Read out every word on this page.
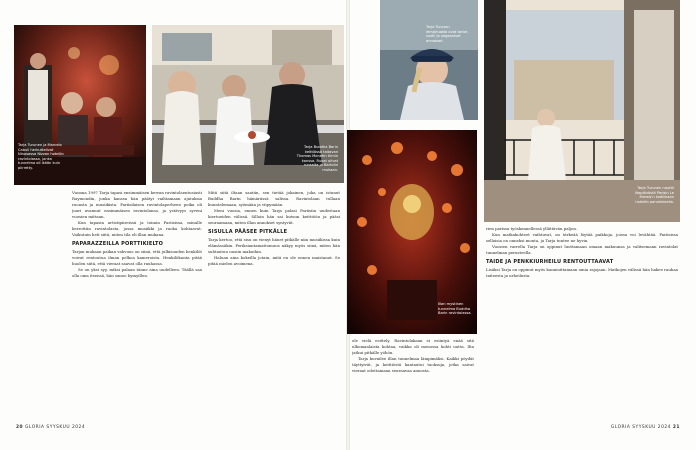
Tarja Turunen ja Marcelo Cabuli herkuttelivat Ninosassa Nizzan hotellin ravintolassa, jonka tunnelma oli ikään kuin piirretty.
Tarja Buddha Barin keittiössä taitavan Thomas Monetin tiimin kanssa. Ruoat olivat runsaita ja Bartolin mukaan.
Tarja Turusen lempiruokia ovat tartar, sushi ja vegaaniset annokset.
Illan mystinen tunnelma Buddha Barin ravintolassa.
Tarja Turunen nauttii iltapäivästä Parisin Le Marais'n kodikkaan hotellin parvekkeella.

Vuonna 1997 Tarja tapasi ensimmäisen kerran ravintolaentusiasti Raymondin, jonka kanssa hän päätyi vaihtamaan ajatuksia ruoasta ja musiikista. Pariisilaisen ravintolaperheen poika oli juuri avannut ensimmäisen ravintolansa, ja ystävyys syveni vuosien mittaan.

Kun tapasin artistipiireissä ja toimin Pariisissa, minulle kerrottiin ravintolasta, jossa musiikki ja ruoka kohtaavat. Vaikutuin heti siitä, miten tila eli illan mukana.

PAPARAZZEILLA PORTTIKIELTO

Tarjan mukaan paikan vahvuus on siinä, että julkisuuden henkilöt voivat rentoutua ilman pelkoa kameroista. Henkilökunta pitää huolen siitä, että vieraat saavat olla rauhassa.

Se on yksi syy, miksi palaan tänne aina uudelleen. Täällä saa olla oma itsensä, hän sanoo hymyillen.

Mitä siitä iltaan saatiin, sen tietää jokainen, joka on istunut Buddha Barin hämärässä salissa. Ravintolaan tullaan kuuntelemaan, syömään ja viipymään.

Meni vuosia, ennen kuin Tarja palasi Pariisiin uudestaan kiertueiden välissä. Silloin hän sai kutsun keittiöön ja pääsi seuraamaan, miten illan annokset syntyvät.

SISULLA PÄÄSEE PITKÄLLE

Tarja kertoo, että sisu on vienyt hänet pitkälle niin musiikissa kuin elämässäkin. Periksiantamattomuus näkyy myös siinä, miten hän suhtautuu uusiin makuihin.

Haluan aina kokeilla jotain, mitä en ole ennen maistanut. Se pitää mielen avoimena.

ole vielä esittely. Ravintolakaan ei esiintyä enää sitä ulkomaalaista kohtaa, vaikka oli menossa kohti uutta. Ilta jatkui pitkälle yöhön.

Tarja kuvailee illan tunnelmaa lämpimäksi. Kaikki pöydät täyttyivät, ja keittiöstä kantautui tuoksuja, jotka saivat vieraat odottamaan seuraavaa annosta.

rien parissa työskennellessä yllättävän paljon.

Kun matkakohteet vaihtuvat, on tärkeää löytää paikkoja, joissa voi levähtää. Pariisissa sellaisia on onneksi monta, ja Tarja tuntee ne hyvin.

Vuosien varrella Tarja on oppinut luottamaan omaan makuunsa ja valitsemaan ravintolat tunnelman perusteella.

TAIDE JA PENKKIURHEILU RENTOUTTAAVAT

Lisäksi Tarja on oppinut myös kunnioittamaan omia rajojaan. Matkojen välissä hän hakee rauhaa taiteesta ja urheilusta.

20 GLORIA SYYSKUU 2024	GLORIA SYYSKUU 2024 21
